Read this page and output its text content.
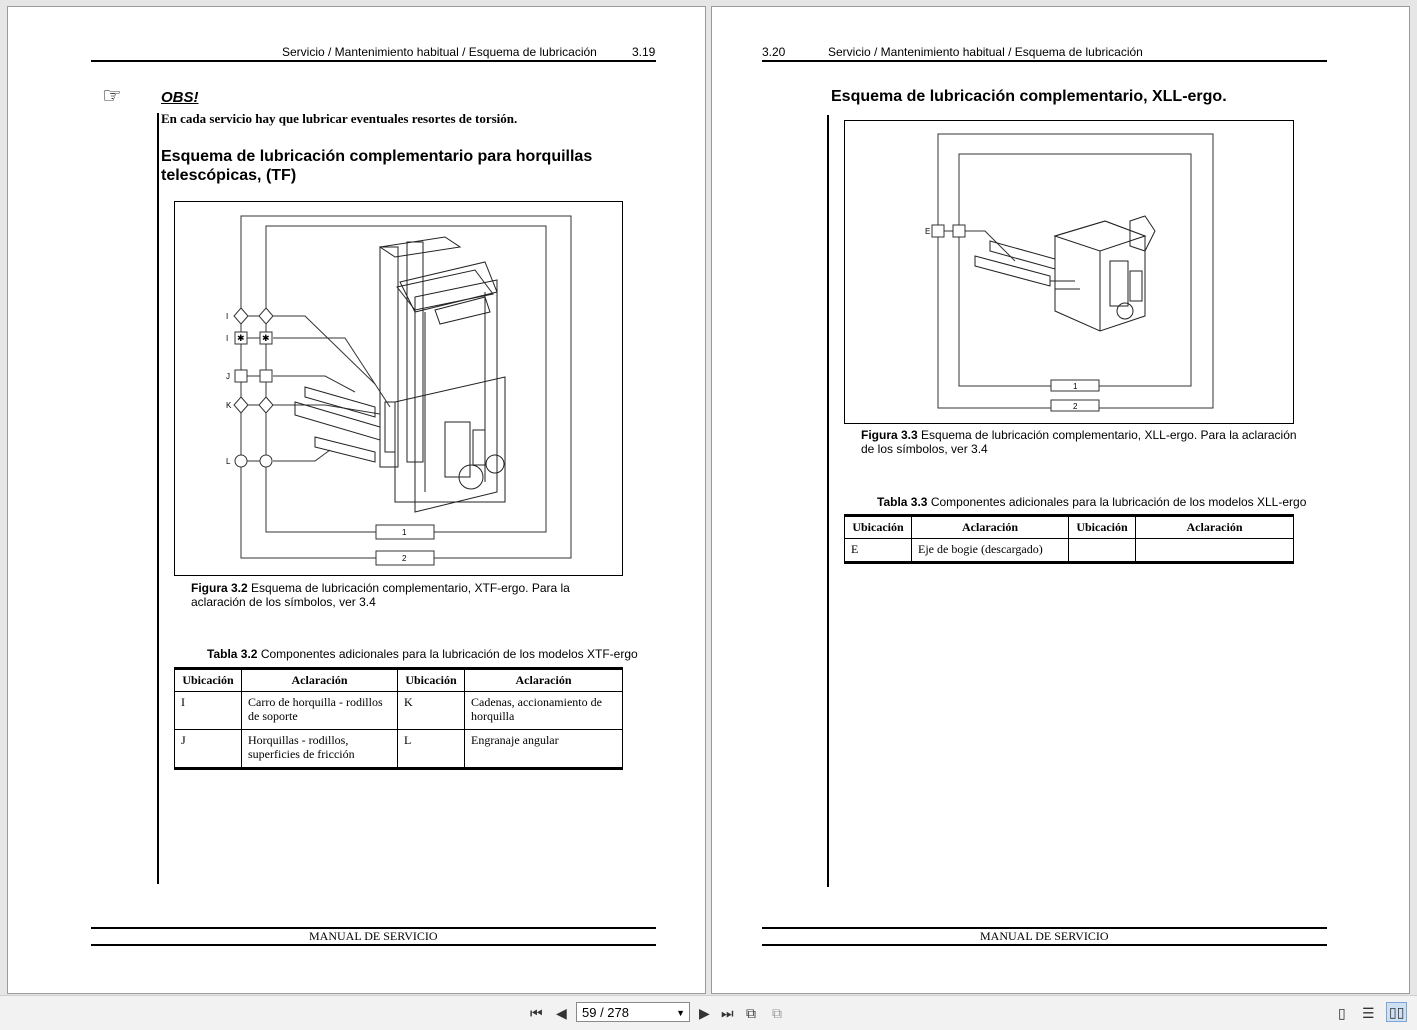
Servicio / Mantenimiento habitual / Esquema de lubricación	3.19
☞	OBS!
En cada servicio hay que lubricar eventuales resortes de torsión.
Esquema de lubricación complementario para horquillas telescópicas, (TF)
I
I
J
K
L
1
2
✱ ✱
Figura 3.2 Esquema de lubricación complementario, XTF-ergo. Para la aclaración de los símbolos, ver 3.4
Tabla 3.2 Componentes adicionales para la lubricación de los modelos XTF-ergo
Ubicación	Aclaración	Ubicación	Aclaración
I	Carro de horquilla - rodillos de soporte	K	Cadenas, accionamiento de horquilla
J	Horquillas - rodillos, superficies de fricción	L	Engranaje angular
MANUAL DE SERVICIO
3.20	Servicio / Mantenimiento habitual / Esquema de lubricación
Esquema de lubricación complementario, XLL-ergo.
E
1
2
Figura 3.3 Esquema de lubricación complementario, XLL-ergo. Para la aclaración de los símbolos, ver 3.4
Tabla 3.3 Componentes adicionales para la lubricación de los modelos XLL-ergo
Ubicación	Aclaración	Ubicación	Aclaración
E	Eje de bogie (descargado)		
MANUAL DE SERVICIO
⏮ ◀	59 / 278	▼ ▶ ⏭ ⧉ ⧉	▯ ☰ ▯▯
